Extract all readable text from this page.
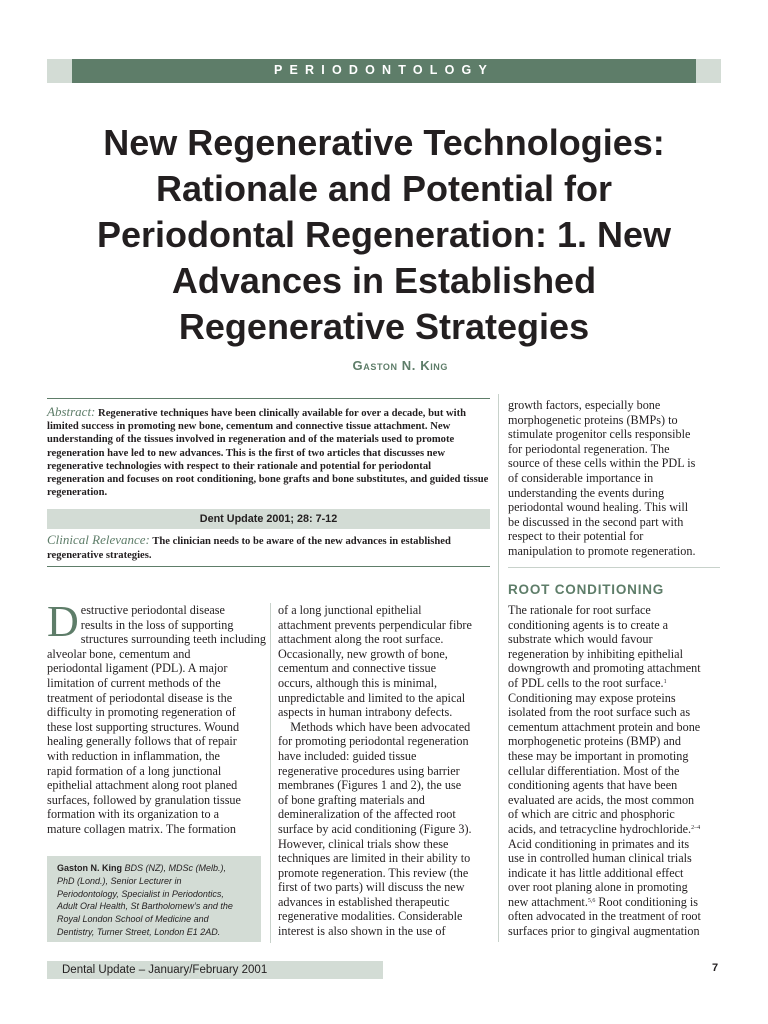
PERIODONTOLOGY
New Regenerative Technologies:
Rationale and Potential for
Periodontal Regeneration: 1. New
Advances in Established
Regenerative Strategies
Gaston N. King

Abstract: Regenerative techniques have been clinically available for over a decade, but with limited success in promoting new bone, cementum and connective tissue attachment. New understanding of the tissues involved in regeneration and of the materials used to promote regeneration have led to new advances. This is the first of two articles that discusses new regenerative technologies with respect to their rationale and potential for periodontal regeneration and focuses on root conditioning, bone grafts and bone substitutes, and guided tissue regeneration.

Dent Update 2001; 28: 7-12

Clinical Relevance: The clinician needs to be aware of the new advances in established regenerative strategies.

D estructive periodontal disease
results in the loss of supporting
structures surrounding teeth including
alveolar bone, cementum and
periodontal ligament (PDL). A major
limitation of current methods of the
treatment of periodontal disease is the
difficulty in promoting regeneration of
these lost supporting structures. Wound
healing generally follows that of repair
with reduction in inflammation, the
rapid formation of a long junctional
epithelial attachment along root planed
surfaces, followed by granulation tissue
formation with its organization to a
mature collagen matrix. The formation
of a long junctional epithelial
attachment prevents perpendicular fibre
attachment along the root surface.
Occasionally, new growth of bone,
cementum and connective tissue
occurs, although this is minimal,
unpredictable and limited to the apical
aspects in human intrabony defects.
Methods which have been advocated
for promoting periodontal regeneration
have included: guided tissue
regenerative procedures using barrier
membranes (Figures 1 and 2), the use
of bone grafting materials and
demineralization of the affected root
surface by acid conditioning (Figure 3).
However, clinical trials show these
techniques are limited in their ability to
promote regeneration. This review (the
first of two parts) will discuss the new
advances in established therapeutic
regenerative modalities. Considerable
interest is also shown in the use of
growth factors, especially bone
morphogenetic proteins (BMPs) to
stimulate progenitor cells responsible
for periodontal regeneration. The
source of these cells within the PDL is
of considerable importance in
understanding the events during
periodontal wound healing. This will
be discussed in the second part with
respect to their potential for
manipulation to promote regeneration.
ROOT CONDITIONING
The rationale for root surface
conditioning agents is to create a
substrate which would favour
regeneration by inhibiting epithelial
downgrowth and promoting attachment
of PDL cells to the root surface.$^1$
Conditioning may expose proteins
isolated from the root surface such as
cementum attachment protein and bone
morphogenetic proteins (BMP) and
these may be important in promoting
cellular differentiation. Most of the
conditioning agents that have been
evaluated are acids, the most common
of which are citric and phosphoric
acids, and tetracycline hydrochloride.$^{2-4}$
Acid conditioning in primates and its
use in controlled human clinical trials
indicate it has little additional effect
over root planing alone in promoting
new attachment.$^{5,6}$ Root conditioning is
often advocated in the treatment of root
surfaces prior to gingival augmentation
Gaston N. King BDS (NZ), MDSc (Melb.),
PhD (Lond.), Senior Lecturer in
Periodontology, Specialist in Periodontics,
Adult Oral Health, St Bartholomew’s and the
Royal London School of Medicine and
Dentistry, Turner Street, London E1 2AD.
Dental Update – January/February 2001	7
